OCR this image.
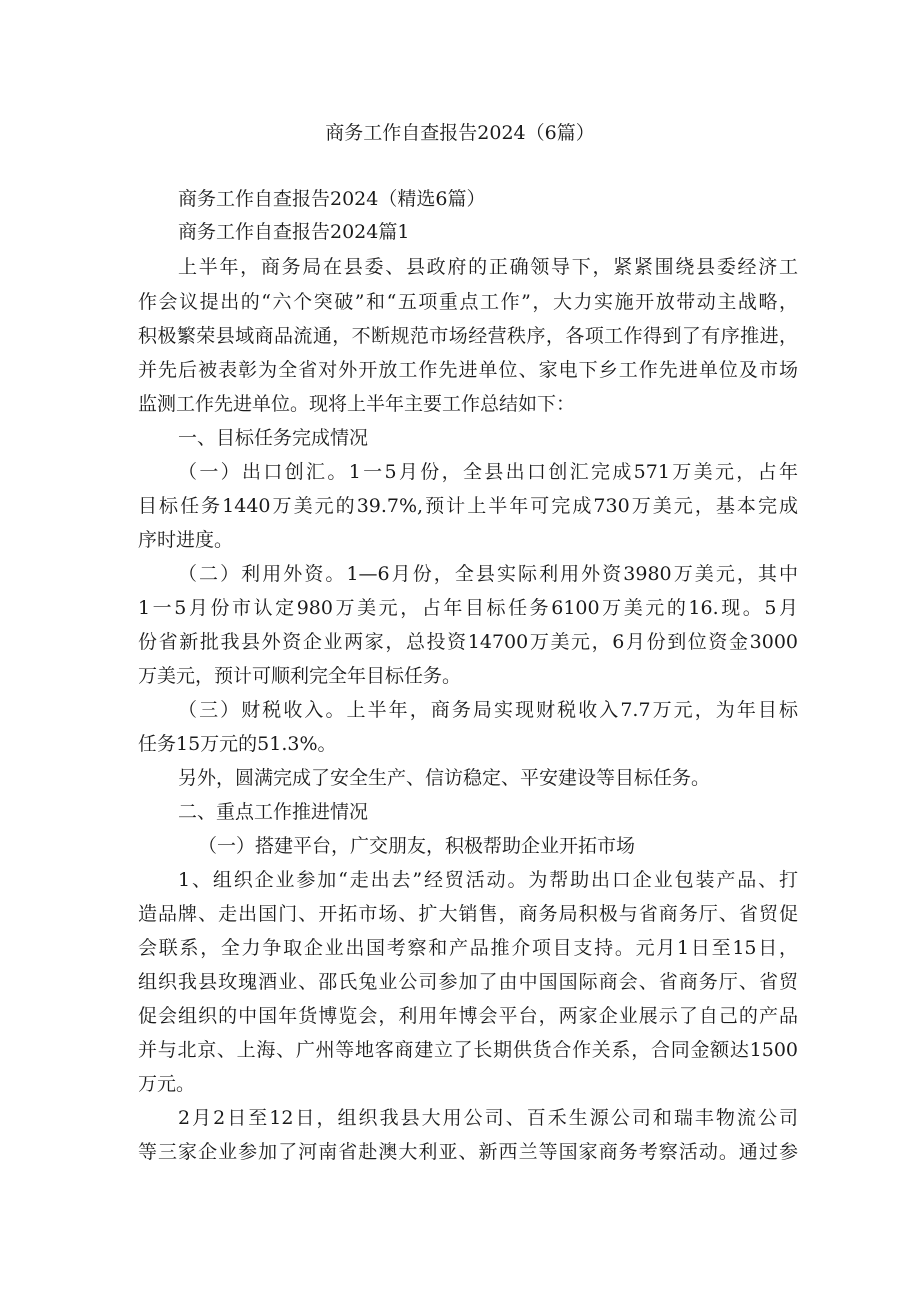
商务工作自查报告2024（6篇）
商务工作自查报告2024（精选6篇）
商务工作自查报告2024篇1
上半年，商务局在县委、县政府的正确领导下，紧紧围绕县委经济工
作会议提出的“六个突破”和“五项重点工作”，大力实施开放带动主战略，
积极繁荣县域商品流通，不断规范市场经营秩序，各项工作得到了有序推进，
并先后被表彰为全省对外开放工作先进单位、家电下乡工作先进单位及市场
监测工作先进单位。现将上半年主要工作总结如下：
一、目标任务完成情况
（一）出口创汇。1一5月份，全县出口创汇完成571万美元，占年
目标任务1440万美元的39.7%,预计上半年可完成730万美元，基本完成
序时进度。
（二）利用外资。1—6月份，全县实际利用外资3980万美元，其中
1一5月份市认定980万美元，占年目标任务6100万美元的16.现。5月
份省新批我县外资企业两家，总投资14700万美元，6月份到位资金3000
万美元，预计可顺利完全年目标任务。
（三）财税收入。上半年，商务局实现财税收入7.7万元，为年目标
任务15万元的51.3%。
另外，圆满完成了安全生产、信访稳定、平安建设等目标任务。
二、重点工作推进情况
（一）搭建平台，广交朋友，积极帮助企业开拓市场
1、组织企业参加“走出去”经贸活动。为帮助出口企业包装产品、打
造品牌、走出国门、开拓市场、扩大销售，商务局积极与省商务厅、省贸促
会联系，全力争取企业出国考察和产品推介项目支持。元月1日至15日，
组织我县玫瑰酒业、邵氏兔业公司参加了由中国国际商会、省商务厅、省贸
促会组织的中国年货博览会，利用年博会平台，两家企业展示了自己的产品
并与北京、上海、广州等地客商建立了长期供货合作关系，合同金额达1500
万元。
2月2日至12日，组织我县大用公司、百禾生源公司和瑞丰物流公司
等三家企业参加了河南省赴澳大利亚、新西兰等国家商务考察活动。通过参
